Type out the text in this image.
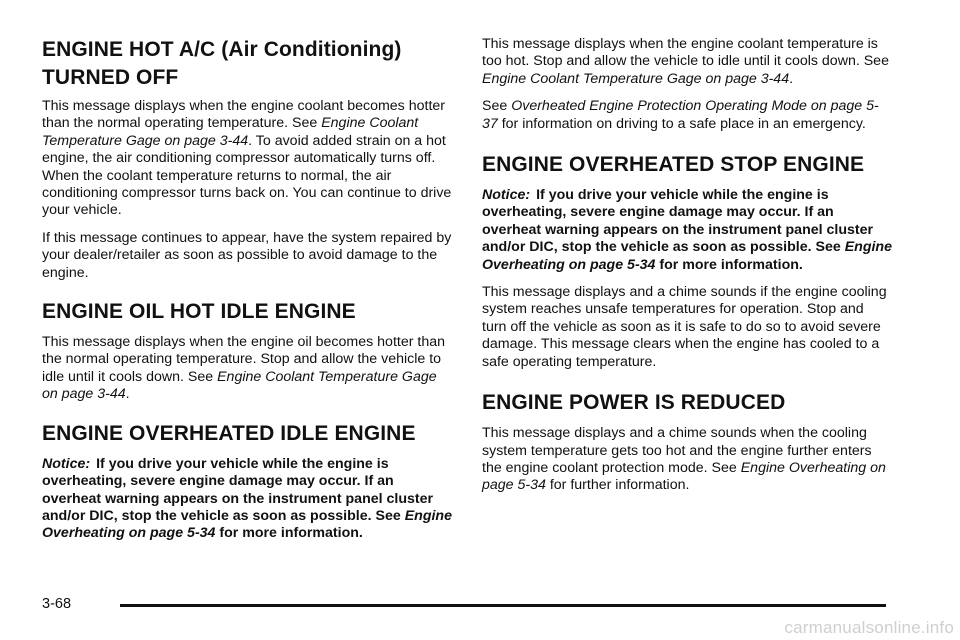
ENGINE HOT A/C (Air Conditioning) TURNED OFF

This message displays when the engine coolant becomes hotter than the normal operating temperature. See Engine Coolant Temperature Gage on page 3-44. To avoid added strain on a hot engine, the air conditioning compressor automatically turns off. When the coolant temperature returns to normal, the air conditioning compressor turns back on. You can continue to drive your vehicle.

If this message continues to appear, have the system repaired by your dealer/retailer as soon as possible to avoid damage to the engine.

ENGINE OIL HOT IDLE ENGINE

This message displays when the engine oil becomes hotter than the normal operating temperature. Stop and allow the vehicle to idle until it cools down. See Engine Coolant Temperature Gage on page 3-44.

ENGINE OVERHEATED IDLE ENGINE

Notice: If you drive your vehicle while the engine is overheating, severe engine damage may occur. If an overheat warning appears on the instrument panel cluster and/or DIC, stop the vehicle as soon as possible. See Engine Overheating on page 5-34 for more information.

This message displays when the engine coolant temperature is too hot. Stop and allow the vehicle to idle until it cools down. See Engine Coolant Temperature Gage on page 3-44.

See Overheated Engine Protection Operating Mode on page 5-37 for information on driving to a safe place in an emergency.

ENGINE OVERHEATED STOP ENGINE

Notice: If you drive your vehicle while the engine is overheating, severe engine damage may occur. If an overheat warning appears on the instrument panel cluster and/or DIC, stop the vehicle as soon as possible. See Engine Overheating on page 5-34 for more information.

This message displays and a chime sounds if the engine cooling system reaches unsafe temperatures for operation. Stop and turn off the vehicle as soon as it is safe to do so to avoid severe damage. This message clears when the engine has cooled to a safe operating temperature.

ENGINE POWER IS REDUCED

This message displays and a chime sounds when the cooling system temperature gets too hot and the engine further enters the engine coolant protection mode. See Engine Overheating on page 5-34 for further information.

3-68
carmanualsonline.info
